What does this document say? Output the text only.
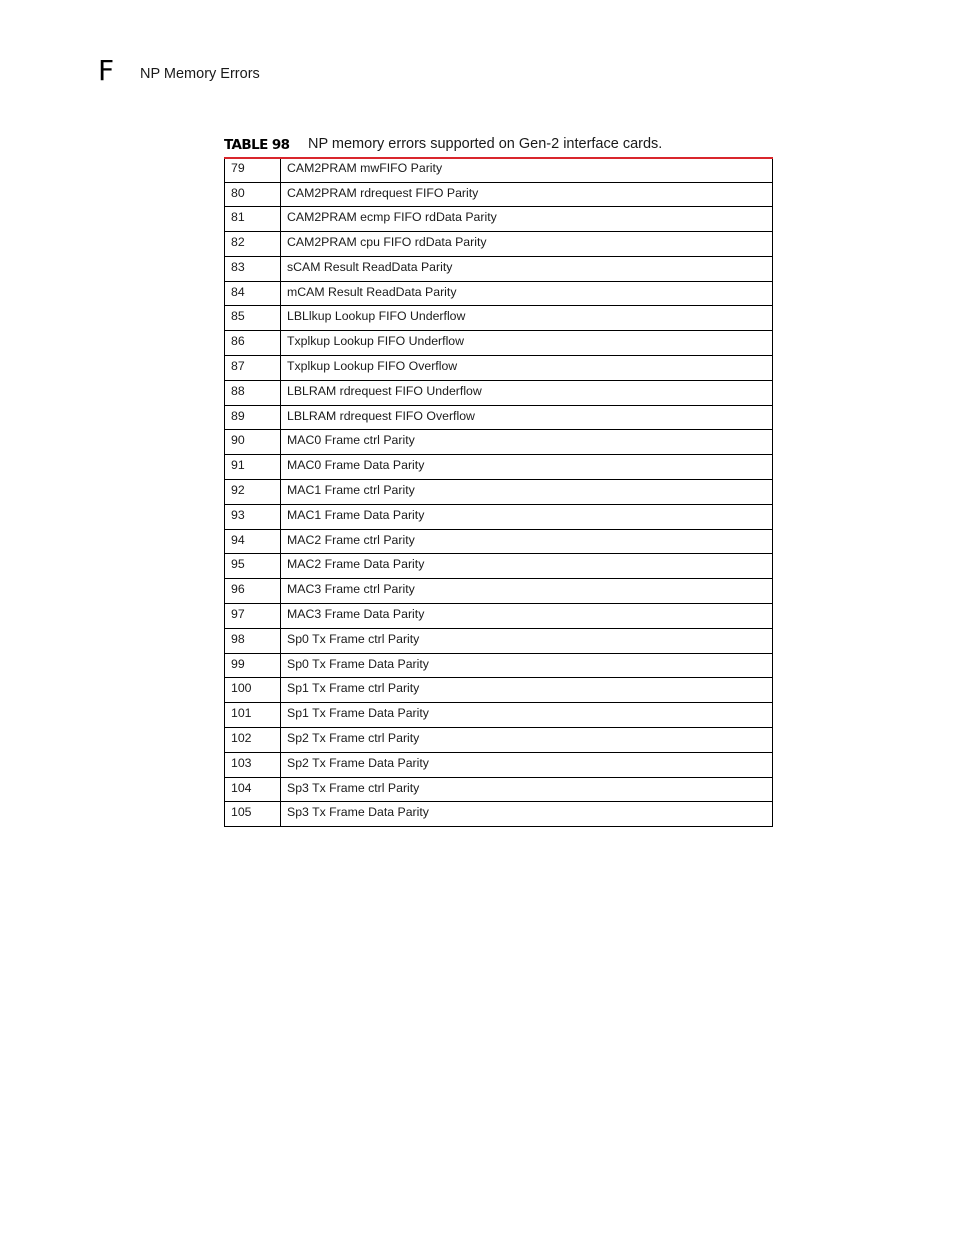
F NP Memory Errors
TABLE 98 NP memory errors supported on Gen-2 interface cards.
79	CAM2PRAM mwFIFO Parity
80	CAM2PRAM rdrequest FIFO Parity
81	CAM2PRAM ecmp FIFO rdData Parity
82	CAM2PRAM cpu FIFO rdData Parity
83	sCAM Result ReadData Parity
84	mCAM Result ReadData Parity
85	LBLlkup Lookup FIFO Underflow
86	Txplkup Lookup FIFO Underflow
87	Txplkup Lookup FIFO Overflow
88	LBLRAM rdrequest FIFO Underflow
89	LBLRAM rdrequest FIFO Overflow
90	MAC0 Frame ctrl Parity
91	MAC0 Frame Data Parity
92	MAC1 Frame ctrl Parity
93	MAC1 Frame Data Parity
94	MAC2 Frame ctrl Parity
95	MAC2 Frame Data Parity
96	MAC3 Frame ctrl Parity
97	MAC3 Frame Data Parity
98	Sp0 Tx Frame ctrl Parity
99	Sp0 Tx Frame Data Parity
100	Sp1 Tx Frame ctrl Parity
101	Sp1 Tx Frame Data Parity
102	Sp2 Tx Frame ctrl Parity
103	Sp2 Tx Frame Data Parity
104	Sp3 Tx Frame ctrl Parity
105	Sp3 Tx Frame Data Parity
